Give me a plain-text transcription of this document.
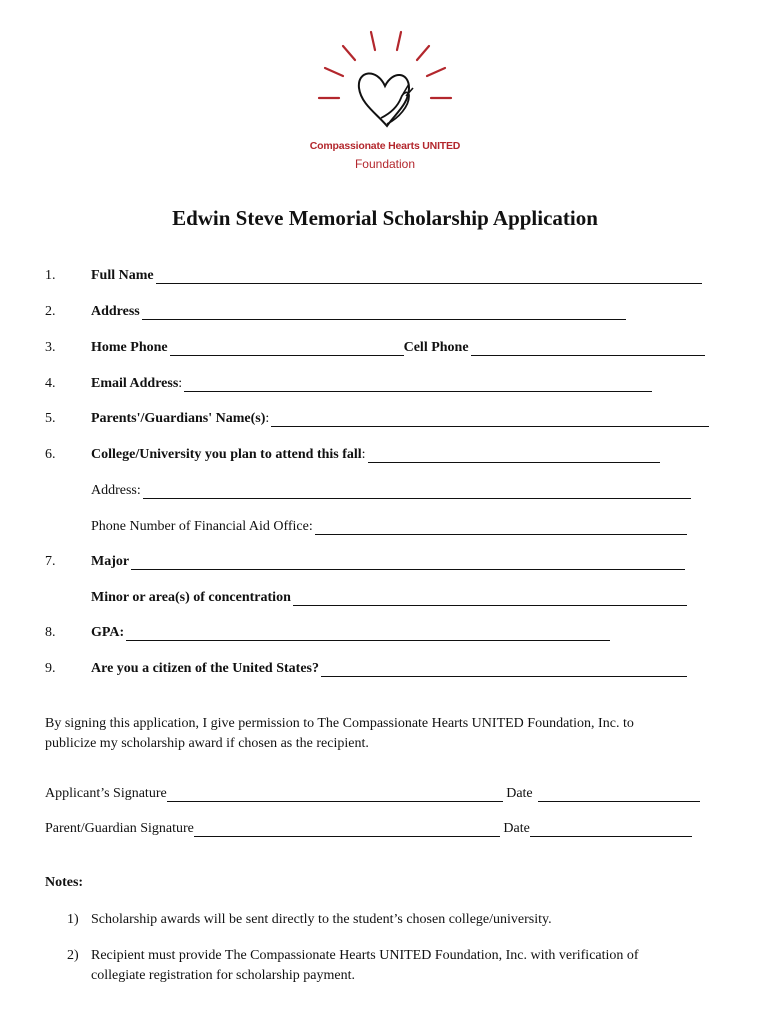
Compassionate Hearts UNITED
Foundation
Edwin Steve Memorial Scholarship Application
1.	Full Name
2.	Address
3.	Home Phone	Cell Phone
4.	Email Address :
5.	Parents'/Guardians' Name(s) :
6.	College/University you plan to attend this fall :
Address:
Phone Number of Financial Aid Office:
7.	Major
Minor or area(s) of concentration
8.	GPA:
9.	Are you a citizen of the United States?
By signing this application, I give permission to The Compassionate Hearts UNITED Foundation, Inc. to publicize my scholarship award if chosen as the recipient.
Applicant’s Signature	Date
Parent/Guardian Signature	Date
Notes:
1) Scholarship awards will be sent directly to the student’s chosen college/university.
2) Recipient must provide The Compassionate Hearts UNITED Foundation, Inc. with verification of collegiate registration for scholarship payment.
